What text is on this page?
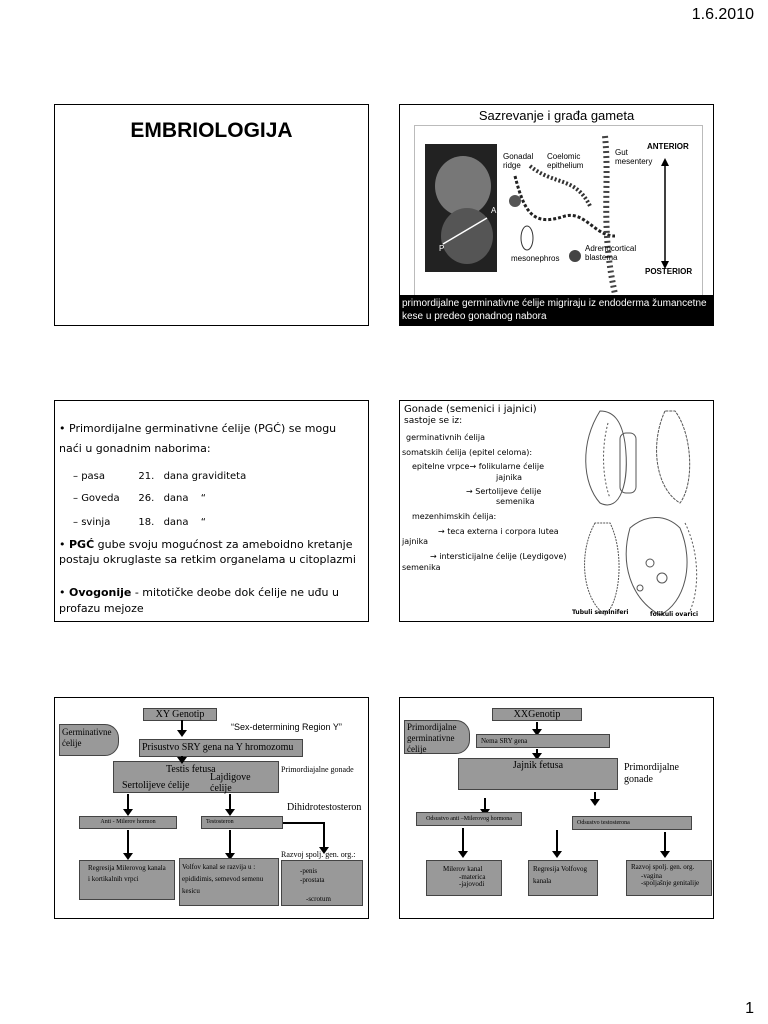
1.6.2010
EMBRIOLOGIJA
Sazrevanje i građa gameta
Gonadal ridge
Coelomic epithelium
Gut mesentery
ANTERIOR
POSTERIOR
mesonephros
Adrenocortical blastema
A
P
primordijalne germinativne ćelije migriraju iz endoderma žumancetne kese u predeo gonadnog nabora
• Primordijalne germinativne ćelije (PGĆ) se mogu naći u gonadnim naborima:
– pasa	21. dana graviditeta
– Goveda 26. dana “
– svinja	18. dana “
• PGĆ gube svoju mogućnost za ameboidno kretanje postaju okruglaste sa retkim organelama u citoplazmi
• Ovogonije - mitotičke deobe dok ćelije ne uđu u profazu mejoze
Gonade (semenici i jajnici)
sastoje se iz:
germinativnih ćelija
somatskih ćelija (epitel celoma):
epitelne vrpce→ folikularne ćelije
jajnika
→ Sertolijeve ćelije
semenika
mezenhimskih ćelija:
→ teca externa i corpora lutea
jajnika
→ intersticijalne ćelije (Leydigove)
semenika
Tubuli seminiferi	folikuli ovarici
XY Genotip
“Sex-determining Region Y”
Germinativne ćelije	Prisustvo SRY gena na Y hromozomu
Testis fetusa
Sertolijeve ćelije
Lajdigove ćelije
Primordiajalne gonade
Dihidrotestosteron
Anti - Milerov hormon	Testosteron
Regresija Milerovog kanala i kortikalnih vrpci
Volfov kanal se razvija u : epididimis, semevod semenu kesicu
Razvoj spolj. gen. org.:
-penis
-prostata
-scrotum
XXGenotip
Primordijalne germinativne ćelije
Nema SRY gena
Jajnik fetusa	Primordijalne gonade
Odsustvo anti –Milerovog hormona
Odsustvo testosterona
Milerov kanal
-materica
-jajovodi
Regresija Volfovog kanala
Razvoj spolj. gen. org.
-vagina
-spoljašnje genitalije
1
